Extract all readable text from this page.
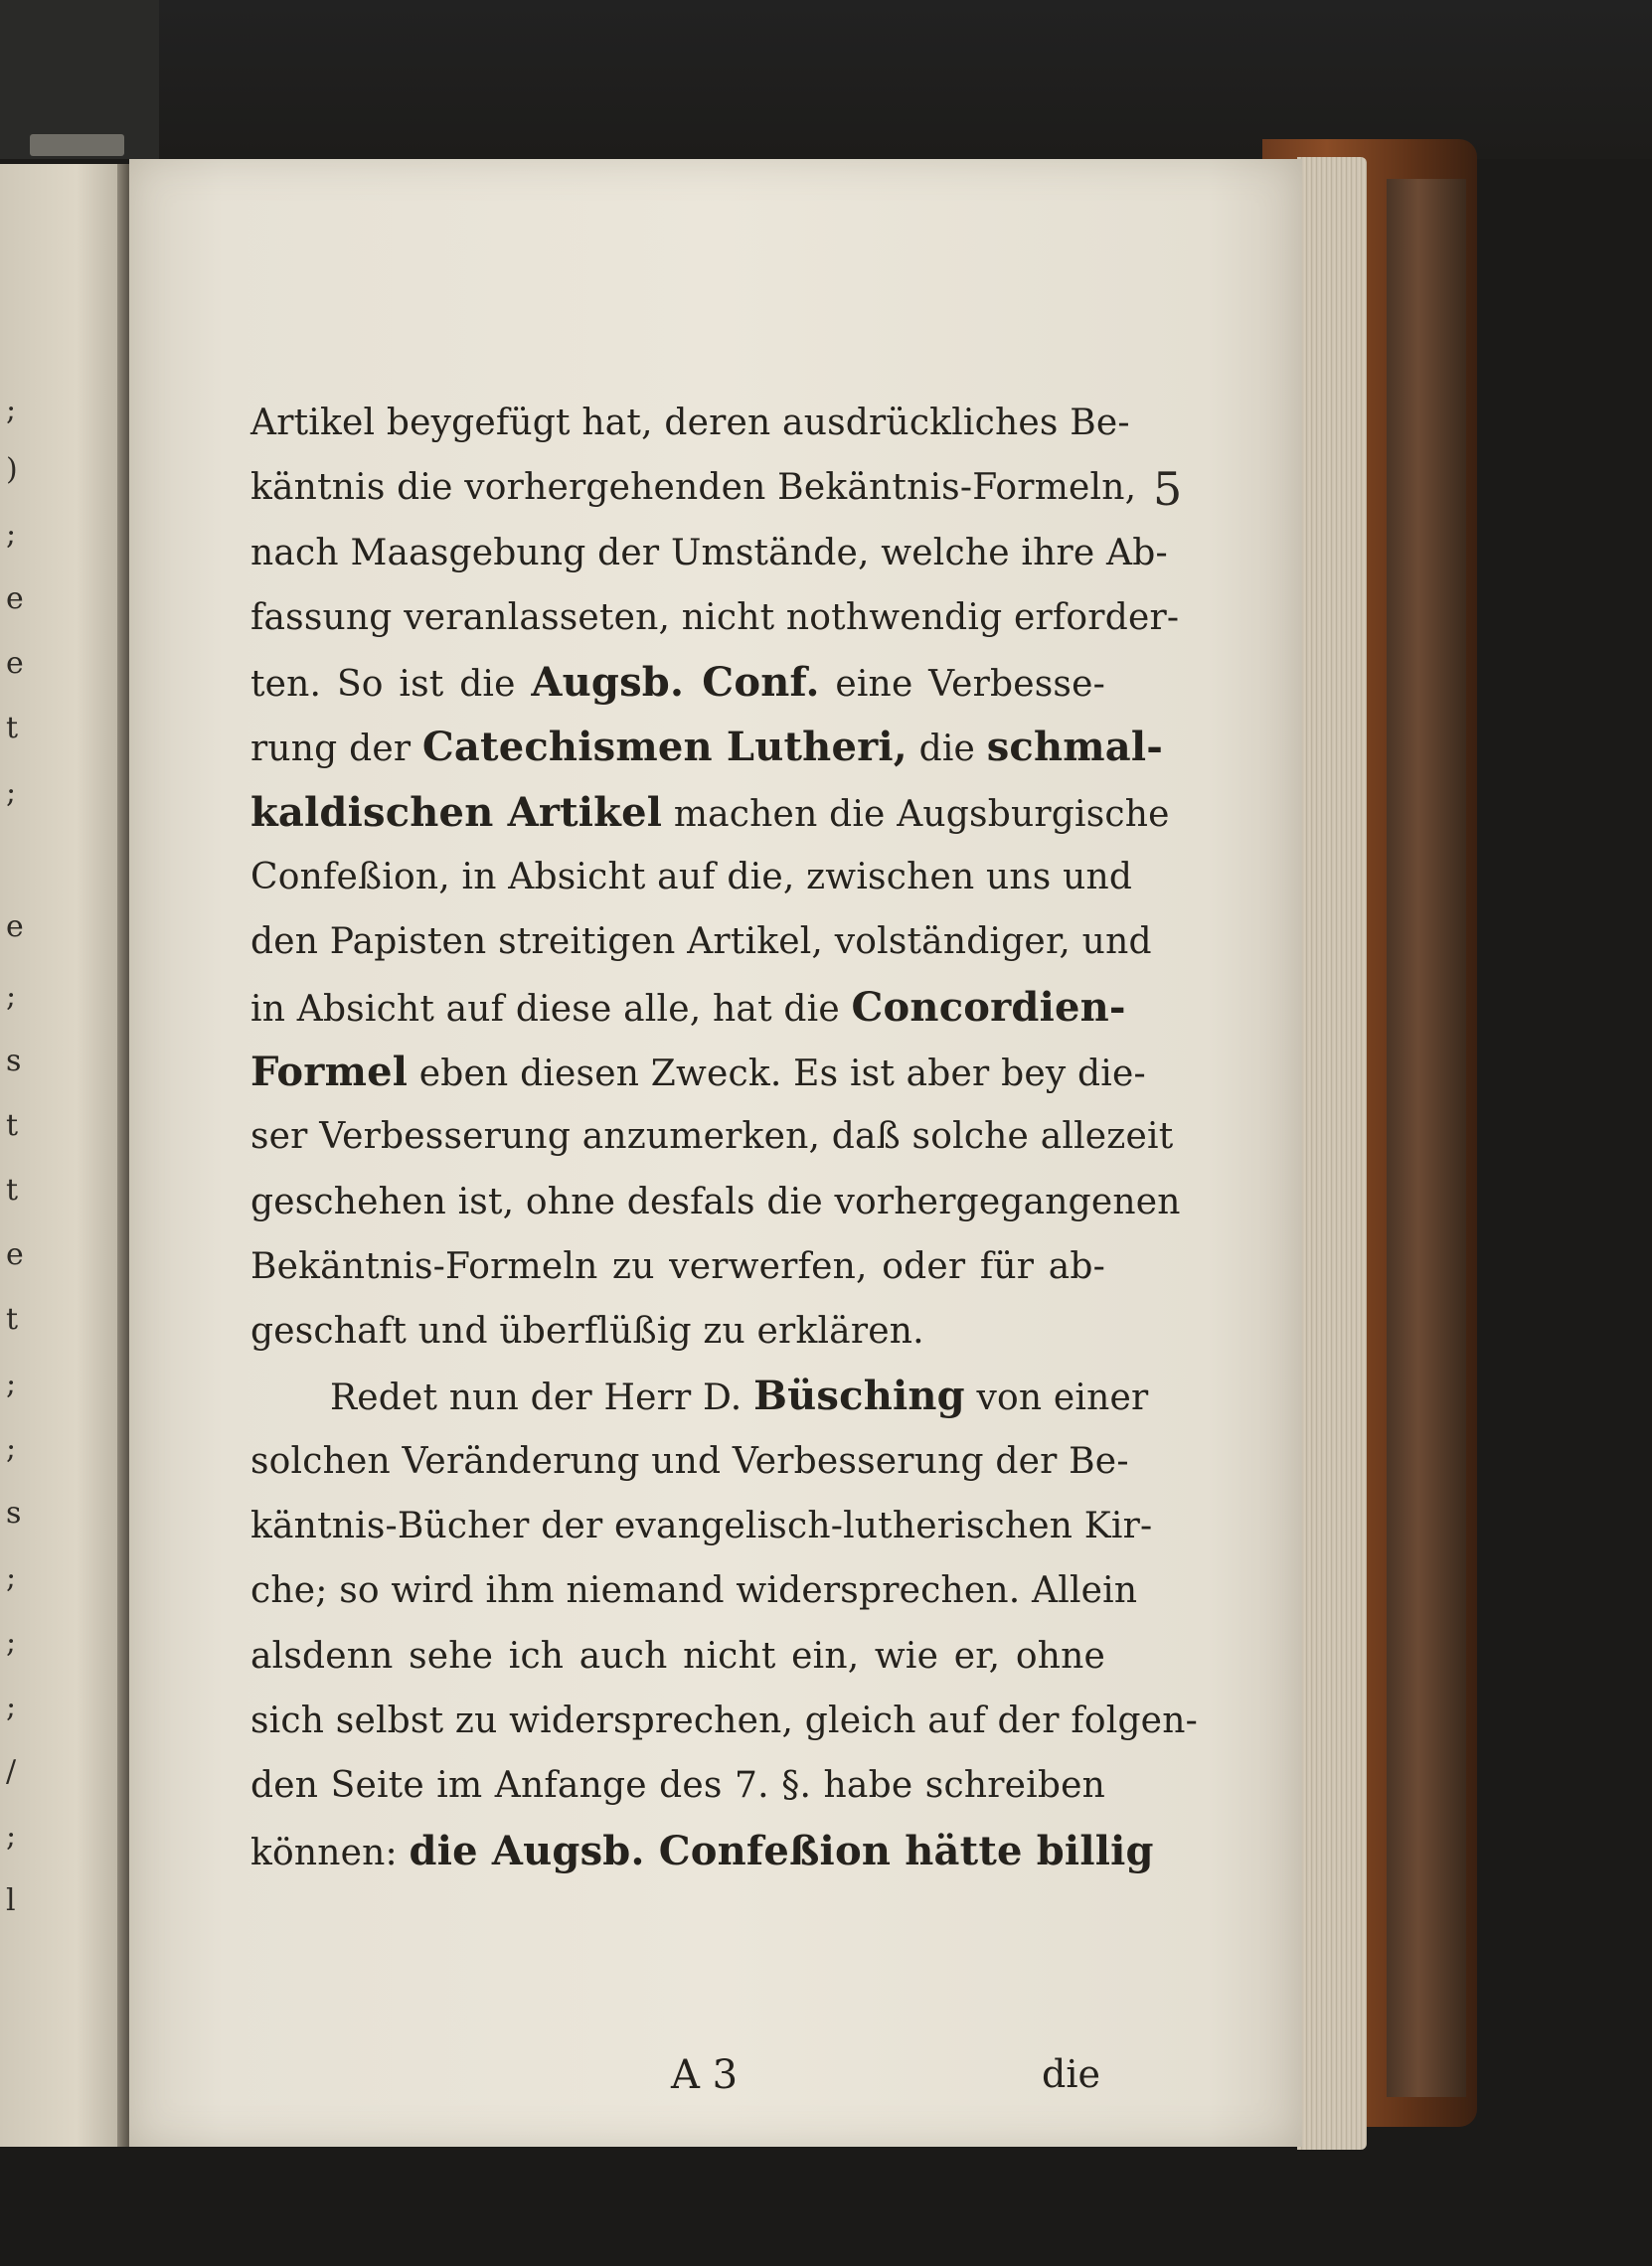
;
)
;
e
e
t
;
e
;
s
t
t
e
t
;
;
s
;
;
;
/
;
l
5
A 3	die
Artikel beygefügt hat, deren ausdrückliches Be-
käntnis die vorhergehenden Bekäntnis-Formeln,
nach Maasgebung der Umstände, welche ihre Ab-
fassung veranlasseten, nicht nothwendig erforder-
ten. So ist die Augsb. Conf. eine Verbesse-
rung der Catechismen Lutheri, die schmal-
kaldischen Artikel machen die Augsburgische
Confeßion, in Absicht auf die, zwischen uns und
den Papisten streitigen Artikel, volständiger, und
in Absicht auf diese alle, hat die Concordien-
Formel eben diesen Zweck. Es ist aber bey die-
ser Verbesserung anzumerken, daß solche allezeit
geschehen ist, ohne desfals die vorhergegangenen
Bekäntnis-Formeln zu verwerfen, oder für ab-
geschaft und überflüßig zu erklären.
Redet nun der Herr D. Büsching von einer
solchen Veränderung und Verbesserung der Be-
käntnis-Bücher der evangelisch-lutherischen Kir-
che; so wird ihm niemand widersprechen. Allein
alsdenn sehe ich auch nicht ein, wie er, ohne
sich selbst zu widersprechen, gleich auf der folgen-
den Seite im Anfange des 7. §. habe schreiben
können: die Augsb. Confeßion hätte billig
